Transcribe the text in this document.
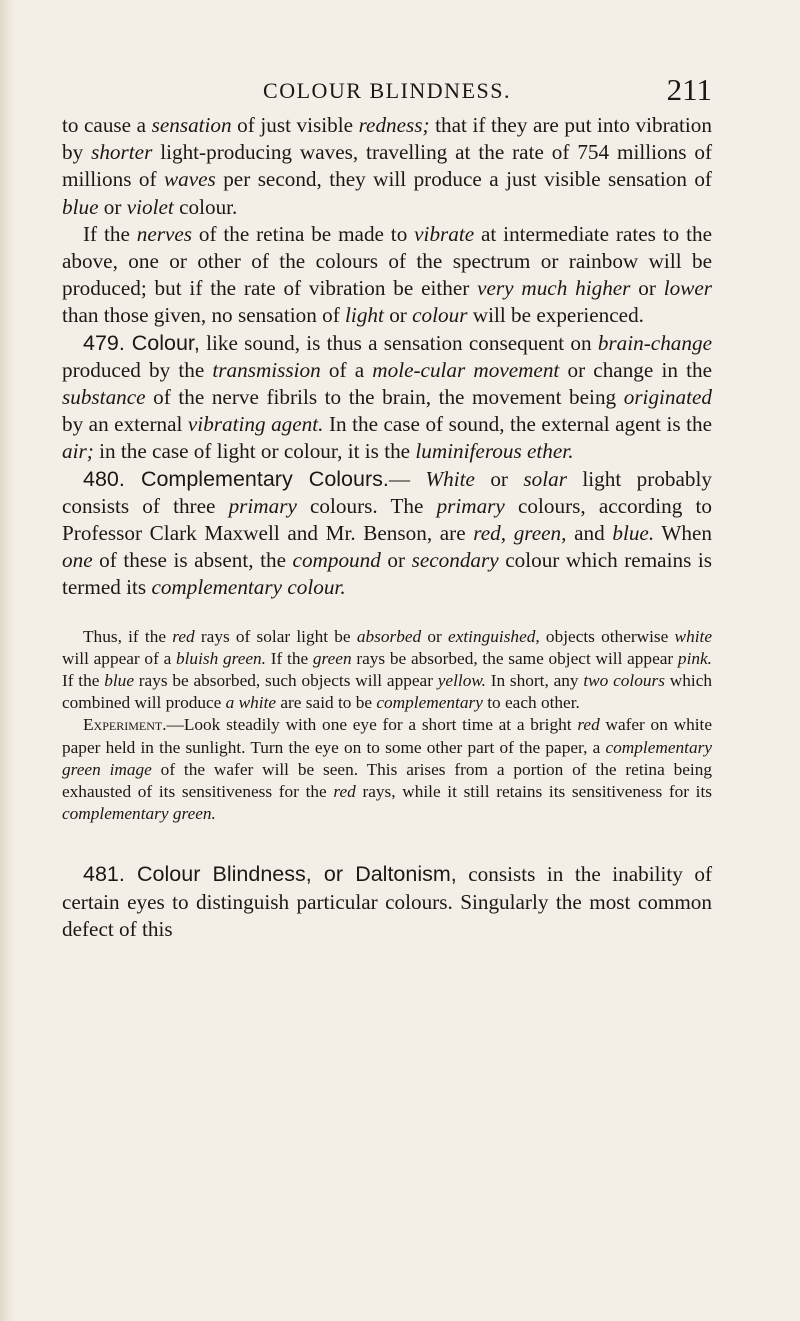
COLOUR BLINDNESS.	211

to cause a sensation of just visible redness; that if they are put into vibration by shorter light-producing waves, travelling at the rate of 754 millions of millions of waves per second, they will produce a just visible sensation of blue or violet colour.

If the nerves of the retina be made to vibrate at intermediate rates to the above, one or other of the colours of the spectrum or rainbow will be produced; but if the rate of vibration be either very much higher or lower than those given, no sensation of light or colour will be experienced.

479. Colour, like sound, is thus a sensation consequent on brain-change produced by the transmission of a mole-cular movement or change in the substance of the nerve fibrils to the brain, the movement being originated by an external vibrating agent. In the case of sound, the external agent is the air; in the case of light or colour, it is the luminiferous ether.

480. Complementary Colours.— White or solar light probably consists of three primary colours. The primary colours, according to Professor Clark Maxwell and Mr. Benson, are red, green, and blue. When one of these is absent, the compound or secondary colour which remains is termed its complementary colour.

Thus, if the red rays of solar light be absorbed or extinguished, objects otherwise white will appear of a bluish green. If the green rays be absorbed, the same object will appear pink. If the blue rays be absorbed, such objects will appear yellow. In short, any two colours which combined will produce a white are said to be complementary to each other.

Experiment.—Look steadily with one eye for a short time at a bright red wafer on white paper held in the sunlight. Turn the eye on to some other part of the paper, a complementary green image of the wafer will be seen. This arises from a portion of the retina being exhausted of its sensitiveness for the red rays, while it still retains its sensitiveness for its complementary green.

481. Colour Blindness, or Daltonism, consists in the inability of certain eyes to distinguish particular colours. Singularly the most common defect of this
